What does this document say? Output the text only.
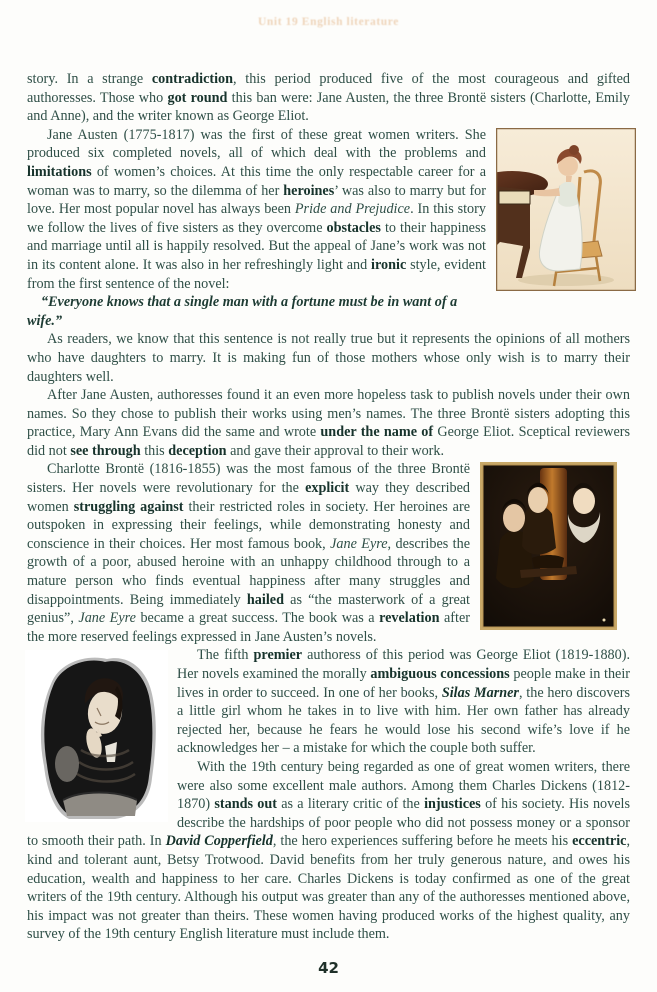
Unit 19 English literature

story. In a strange contradiction, this period produced five of the most courageous and gifted authoresses. Those who got round this ban were: Jane Austen, the three Brontë sisters (Charlotte, Emily and Anne), and the writer known as George Eliot.

Jane Austen (1775-1817) was the first of these great women writers. She produced six completed novels, all of which deal with the problems and limitations of women’s choices. At this time the only respectable career for a woman was to marry, so the dilemma of her heroines’ was also to marry but for love. Her most popular novel has always been Pride and Prejudice. In this story we follow the lives of five sisters as they overcome obstacles to their happiness and marriage until all is happily resolved. But the appeal of Jane’s work was not in its content alone. It was also in her refreshingly light and ironic style, evident from the first sentence of the novel:

“Everyone knows that a single man with a fortune must be in want of a wife.”

As readers, we know that this sentence is not really true but it represents the opinions of all mothers who have daughters to marry. It is making fun of those mothers whose only wish is to marry their daughters well.

After Jane Austen, authoresses found it an even more hopeless task to publish novels under their own names. So they chose to publish their works using men’s names. The three Brontë sisters adopting this practice, Mary Ann Evans did the same and wrote under the name of George Eliot. Sceptical reviewers did not see through this deception and gave their approval to their work.

Charlotte Brontë (1816-1855) was the most famous of the three Brontë sisters. Her novels were revolutionary for the explicit way they described women struggling against their restricted roles in society. Her heroines are outspoken in expressing their feelings, while demonstrating honesty and conscience in their choices. Her most famous book, Jane Eyre, describes the growth of a poor, abused heroine with an unhappy childhood through to a mature person who finds eventual happiness after many struggles and disappointments. Being immediately hailed as “the masterwork of a great genius”, Jane Eyre became a great success. The book was a revelation after the more reserved feelings expressed in Jane Austen’s novels.

The fifth premier authoress of this period was George Eliot (1819-1880). Her novels examined the morally ambiguous concessions people make in their lives in order to succeed. In one of her books, Silas Marner, the hero discovers a little girl whom he takes in to live with him. Her own father has already rejected her, because he fears he would lose his second wife’s love if he acknowledges her – a mistake for which the couple both suffer.

With the 19th century being regarded as one of great women writers, there were also some excellent male authors. Among them Charles Dickens (1812-1870) stands out as a literary critic of the injustices of his society. His novels describe the hardships of poor people who did not possess money or a sponsor to smooth their path. In David Copperfield, the hero experiences suffering before he meets his eccentric, kind and tolerant aunt, Betsy Trotwood. David benefits from her truly generous nature, and owes his education, wealth and happiness to her care. Charles Dickens is today confirmed as one of the great writers of the 19th century. Although his output was greater than any of the authoresses mentioned above, his impact was not greater than theirs. These women having produced works of the highest quality, any survey of the 19th century English literature must include them.

42
